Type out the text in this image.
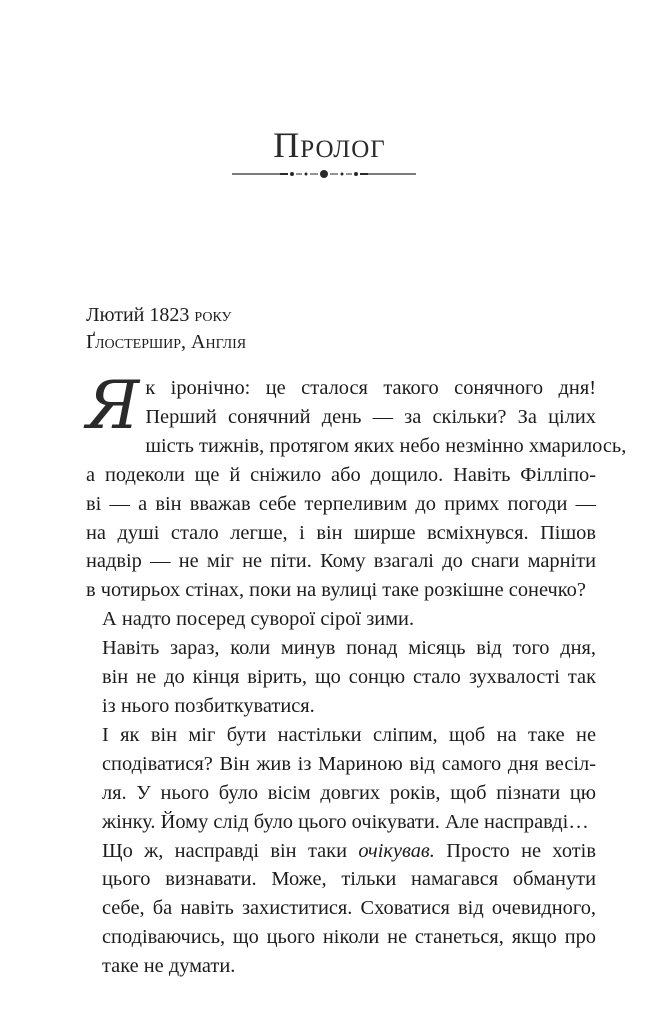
Пролог
Лютий 1823 року
Ґлостершир, Англія

Я к іронічно: це сталося такого сонячного дня!
Перший сонячний день — за скільки? За цілих
шість тижнів, протягом яких небо незмінно хмарилось,
а подеколи ще й сніжило або дощило. Навіть Філліпо-
ві — а він вважав себе терпеливим до примх погоди —
на душі стало легше, і він ширше всміхнувся. Пішов
надвір — не міг не піти. Кому взагалі до снаги марніти
в чотирьох стінах, поки на вулиці таке розкішне сонечко?

А надто посеред суворої сірої зими.

Навіть зараз, коли минув понад місяць від того дня,
він не до кінця вірить, що сонцю стало зухвалості так
із нього позбиткуватися.

І як він міг бути настільки сліпим, щоб на таке не
сподіватися? Він жив із Мариною від самого дня весіл-
ля. У нього було вісім довгих років, щоб пізнати цю
жінку. Йому слід було цього очікувати. Але насправді…

Що ж, насправді він таки очікував. Просто не хотів
цього визнавати. Може, тільки намагався обманути
себе, ба навіть захиститися. Сховатися від очевидного,
сподіваючись, що цього ніколи не станеться, якщо про
таке не думати.
